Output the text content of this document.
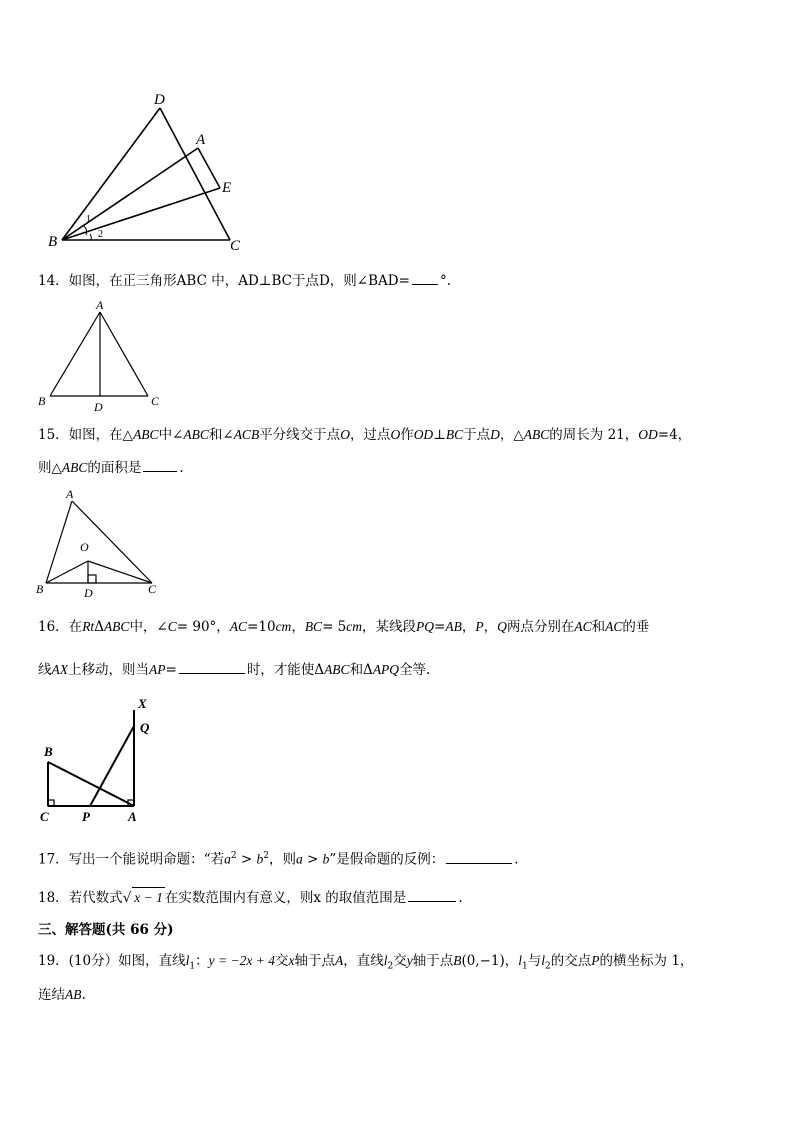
D
A
E
B	C
1
2
14．如图，在正三角形ABC 中，AD⊥BC于点D，则∠BAD= °.
A
B	C
D
15．如图，在△ABC中∠ABC和∠ACB平分线交于点O，过点O作OD⊥BC于点D，△ABC的周长为 21，OD=4，
则△ABC的面积是	.
A
O
B	D	C
16．在RtΔABC中，∠C= 90°，AC=10cm，BC= 5cm，某线段PQ=AB，P，Q两点分别在AC和AC的垂
线AX上移动，则当AP=	时，才能使ΔABC和ΔAPQ全等.
X
Q
B
C	P	A
17．写出一个能说明命题：“若$a^2 > b^2$，则a > b”是假命题的反例：	.
18．若代数式√ x − 1 在实数范围内有意义，则x 的取值范围是	.
三、解答题(共 66 分)
19．(10分）如图，直线$l_1$：y = −2x + 4交x轴于点A，直线$l_2$交y轴于点B(0,−1)，$l_1$与$l_2$的交点P的横坐标为 1，
连结AB.
